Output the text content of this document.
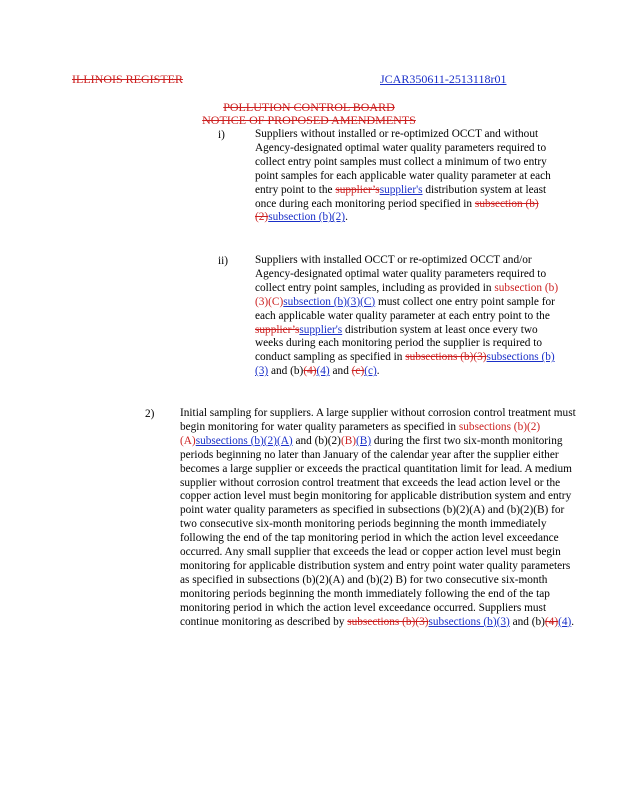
ILLINOIS REGISTER	JCAR350611-2513118r01
POLLUTION CONTROL BOARD
NOTICE OF PROPOSED AMENDMENTS
i)	Suppliers without installed or re-optimized OCCT and without Agency-designated optimal water quality parameters required to collect entry point samples must collect a minimum of two entry point samples for each applicable water quality parameter at each entry point to the supplier’ssupplier's distribution system at least once during each monitoring period specified in subsection (b)(2)subsection (b)(2).
ii) Suppliers with installed OCCT or re-optimized OCCT and/or Agency-designated optimal water quality parameters required to collect entry point samples, including as provided in subsection (b)(3)(C)subsection (b)(3)(C) must collect one entry point sample for each applicable water quality parameter at each entry point to the supplier’ssupplier's distribution system at least once every two weeks during each monitoring period the supplier is required to conduct sampling as specified in subsections (b)(3)subsections (b)(3) and (b)(4)(4) and (c)(c).
2) Initial sampling for suppliers. A large supplier without corrosion control treatment must begin monitoring for water quality parameters as specified in subsections (b)(2)(A)subsections (b)(2)(A) and (b)(2)(B)(B) during the first two six-month monitoring periods beginning no later than January of the calendar year after the supplier either becomes a large supplier or exceeds the practical quantitation limit for lead. A medium supplier without corrosion control treatment that exceeds the lead action level or the copper action level must begin monitoring for applicable distribution system and entry point water quality parameters as specified in subsections (b)(2)(A) and (b)(2)(B) for two consecutive six-month monitoring periods beginning the month immediately following the end of the tap monitoring period in which the action level exceedance occurred. Any small supplier that exceeds the lead or copper action level must begin monitoring for applicable distribution system and entry point water quality parameters as specified in subsections (b)(2)(A) and (b)(2) B) for two consecutive six-month monitoring periods beginning the month immediately following the end of the tap monitoring period in which the action level exceedance occurred. Suppliers must continue monitoring as described by subsections (b)(3)subsections (b)(3) and (b)(4)(4).
